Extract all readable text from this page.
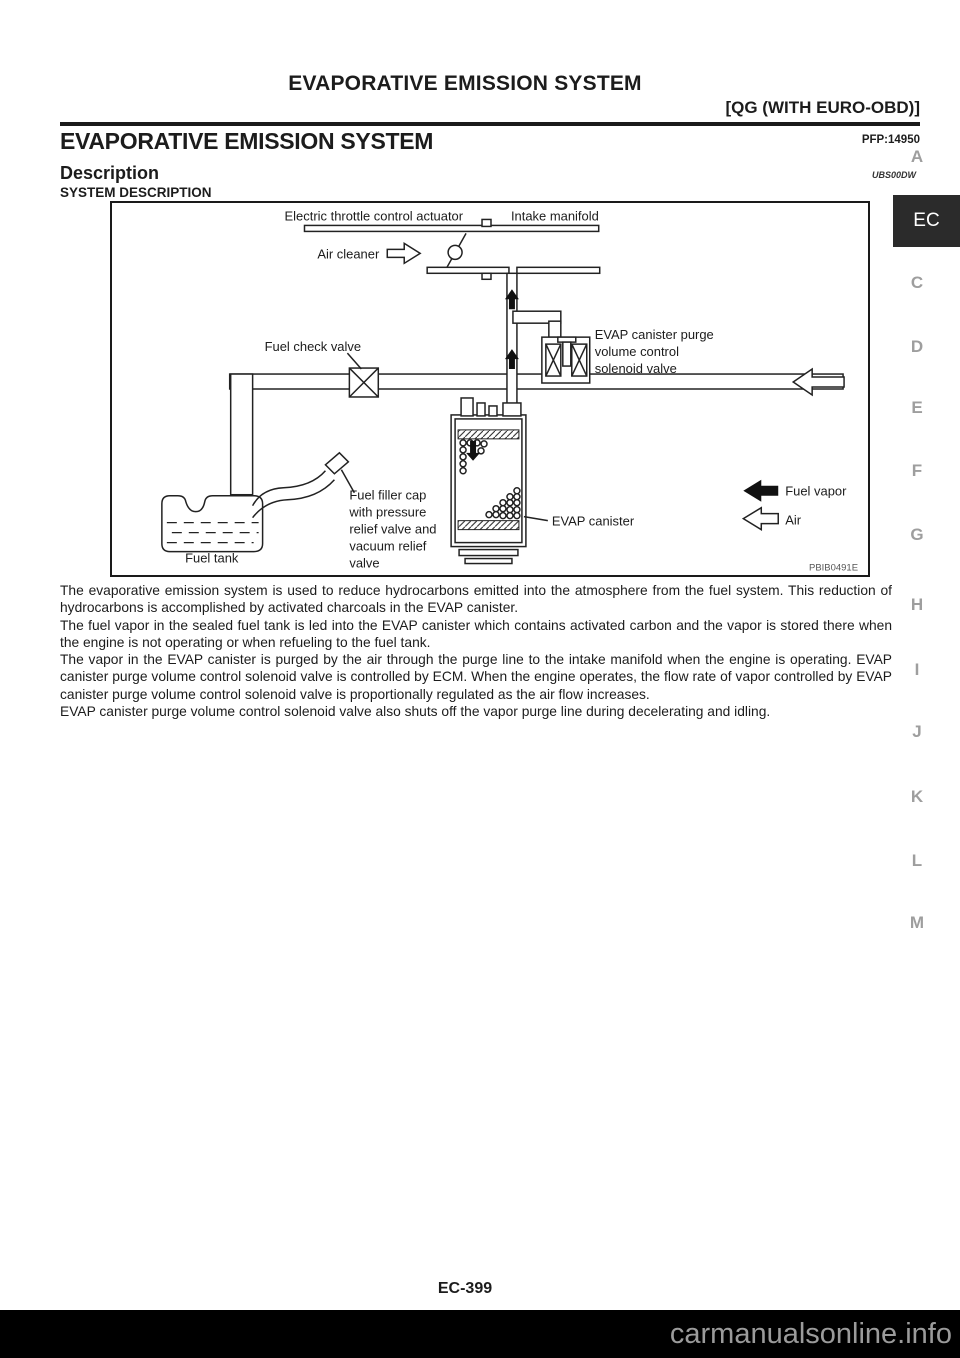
EVAPORATIVE EMISSION SYSTEM
[QG (WITH EURO-OBD)]
EVAPORATIVE EMISSION SYSTEM	PFP:14950
Description	UBS00DW
SYSTEM DESCRIPTION
Electric throttle control actuator	Intake manifold
Air cleaner
EVAP canister purge
volume control
solenoid valve
Fuel check valve
Fuel filler cap
with pressure
relief valve and
vacuum relief
valve
Fuel tank
EVAP canister
Fuel vapor
Air
PBIB0491E

The evaporative emission system is used to reduce hydrocarbons emitted into the atmosphere from the fuel system. This reduction of hydrocarbons is accomplished by activated charcoals in the EVAP canister.

The fuel vapor in the sealed fuel tank is led into the EVAP canister which contains activated carbon and the vapor is stored there when the engine is not operating or when refueling to the fuel tank.

The vapor in the EVAP canister is purged by the air through the purge line to the intake manifold when the engine is operating. EVAP canister purge volume control solenoid valve is controlled by ECM. When the engine operates, the flow rate of vapor controlled by EVAP canister purge volume control solenoid valve is proportionally regulated as the air flow increases.

EVAP canister purge volume control solenoid valve also shuts off the vapor purge line during decelerating and idling.

A
EC
C
D
E
F
G
H
I
J
K
L
M
EC-399
carmanualsonline.info
